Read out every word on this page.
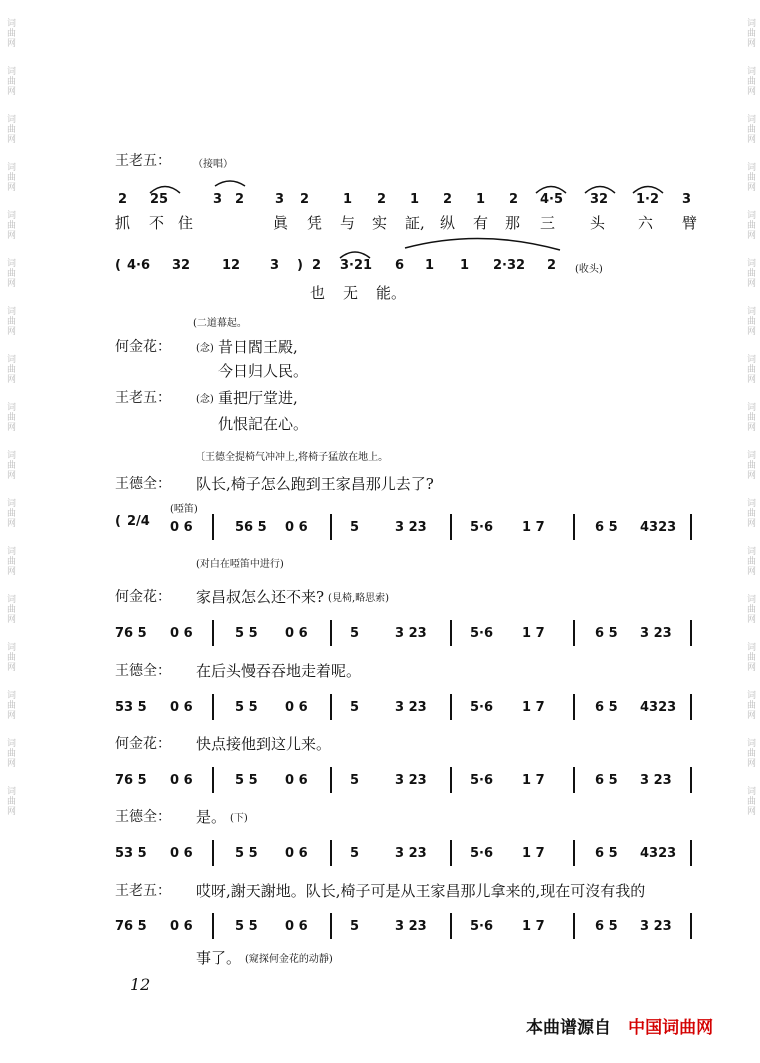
词曲网
词曲网
词曲网
词曲网
词曲网
词曲网
词曲网
词曲网
词曲网
词曲网
词曲网
词曲网
词曲网
词曲网
词曲网
词曲网
词曲网
词曲网
词曲网
词曲网
词曲网
词曲网
词曲网
词曲网
词曲网
词曲网
词曲网
词曲网
词曲网
词曲网
词曲网
词曲网
词曲网
词曲网
王老五： （接唱）
(收头)
12
本曲谱源自 中国词曲网
2 25	3 2 3 2	1 2 1 2 1 2 4·5 32 1·2 3
抓 不 住	眞 凭 与 实 証, 纵 有 那 三 头 六 臂
( 4·6 32 12 3 ) 2 3·21 6 1 1 2·32 2
也 无 能。
(二道幕起。
何金花：	(念) 昔日閻王殿,
今日归人民。
王老五：	(念) 重把厅堂进,
仇恨記在心。
〔王德全提椅气冲冲上,将椅子猛放在地上。
王德全： 队长,椅子怎么跑到王家昌那儿去了?
(啞笛)
( 2/4 0 6	56 5 0 6	5	3 23	5·6 1 7	6 5 4323
(对白在啞笛中进行)
何金花： 家昌叔怎么还不来? (見椅,略思索)
76 5 0 6	5 5 0 6	5	3 23	5·6 1 7	6 5 3 23
王德全： 在后头慢吞吞地走着呢。
53 5 0 6	5 5 0 6	5	3 23	5·6 1 7	6 5 4323
何金花： 快点接他到这儿来。
76 5 0 6	5 5 0 6	5	3 23	5·6 1 7	6 5 3 23
王德全： 是。 (下)
53 5 0 6	5 5 0 6	5	3 23	5·6 1 7	6 5 4323
王老五： 哎呀,謝天謝地。队长,椅子可是从王家昌那儿拿来的,现在可沒有我的
76 5 0 6	5 5 0 6	5	3 23	5·6 1 7	6 5 3 23
事了。 (窥探何金花的动靜)
